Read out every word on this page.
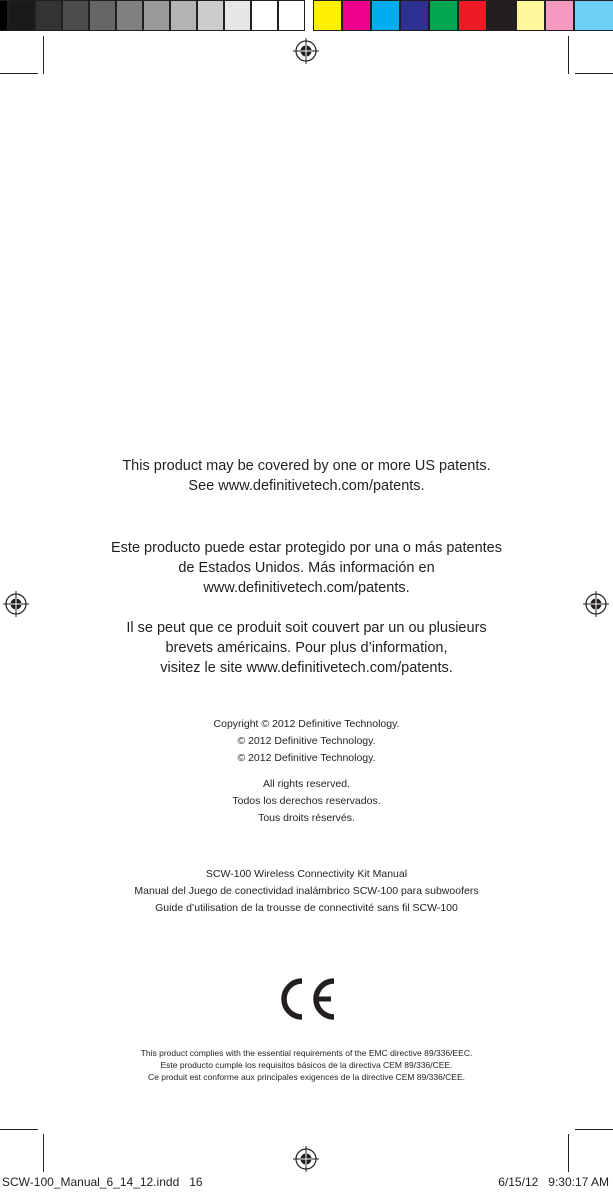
This product may be covered by one or more US patents.
See www.definitivetech.com/patents.
Este producto puede estar protegido por una o más patentes
de Estados Unidos. Más información en
www.definitivetech.com/patents.
Il se peut que ce produit soit couvert par un ou plusieurs
brevets américains. Pour plus d’information,
visitez le site www.definitivetech.com/patents.
Copyright © 2012 Definitive Technology.
© 2012 Definitive Technology.
© 2012 Definitive Technology.
All rights reserved.
Todos los derechos reservados.
Tous droits réservés.
SCW-100 Wireless Connectivity Kit Manual
Manual del Juego de conectividad inalámbrico SCW-100 para subwoofers
Guide d’utilisation de la trousse de connectivité sans fil SCW-100
This product complies with the essential requirements of the EMC directive 89/336/EEC.
Este producto cumple los requisitos básicos de la directiva CEM 89/336/CEE.
Ce produit est conforme aux principales exigences de la directive CEM 89/336/CEE.
SCW-100_Manual_6_14_12.indd   16	6/15/12   9:30:17 AM
